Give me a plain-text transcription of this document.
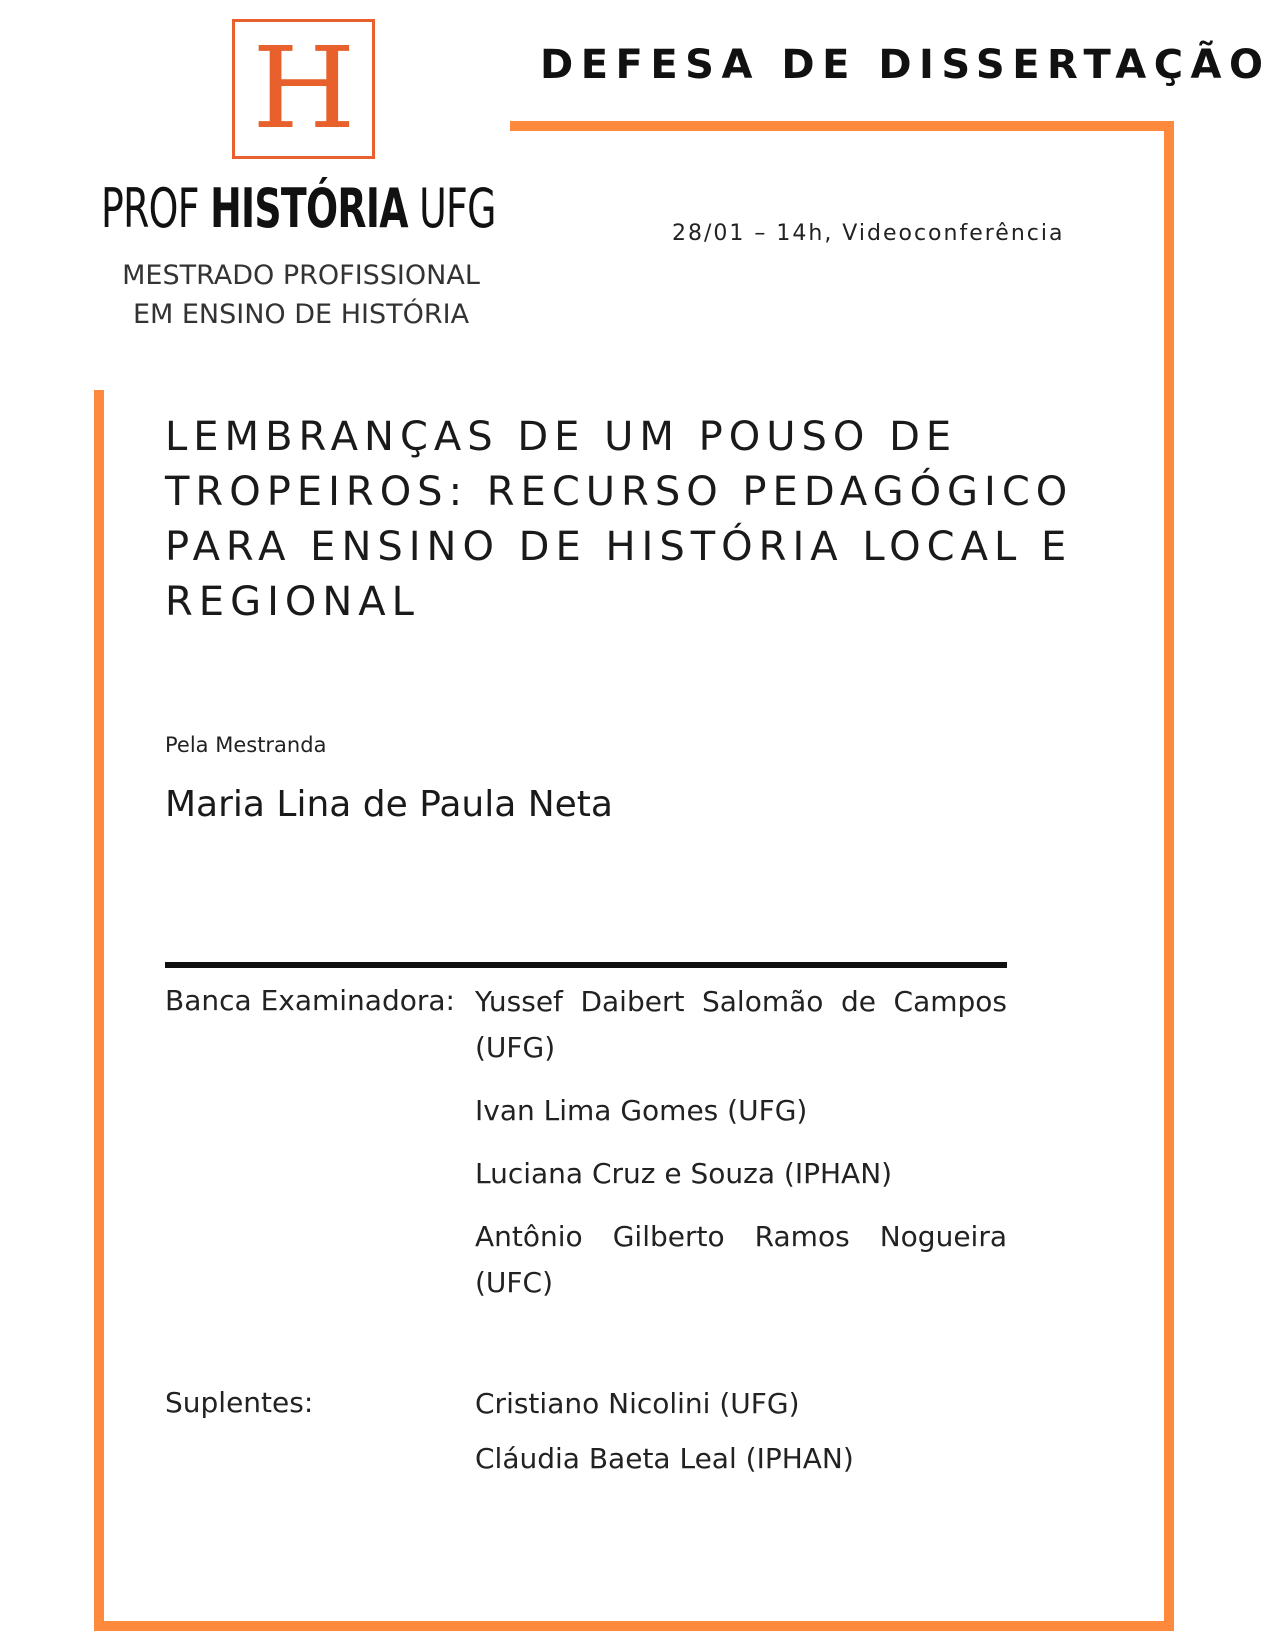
H
PROF HISTÓRIA UFG
MESTRADO PROFISSIONAL
EM ENSINO DE HISTÓRIA
DEFESA DE DISSERTAÇÃO
28/01 – 14h, Videoconferência
LEMBRANÇAS DE UM POUSO DE TROPEIROS: RECURSO PEDAGÓGICO PARA ENSINO DE HISTÓRIA LOCAL E REGIONAL
Pela Mestranda
Maria Lina de Paula Neta
Banca Examinadora: Yussef Daibert Salomão de Campos (UFG)
Ivan Lima Gomes (UFG)
Luciana Cruz e Souza (IPHAN)
Antônio Gilberto Ramos Nogueira (UFC)
Suplentes:	Cristiano Nicolini (UFG)
Cláudia Baeta Leal (IPHAN)
